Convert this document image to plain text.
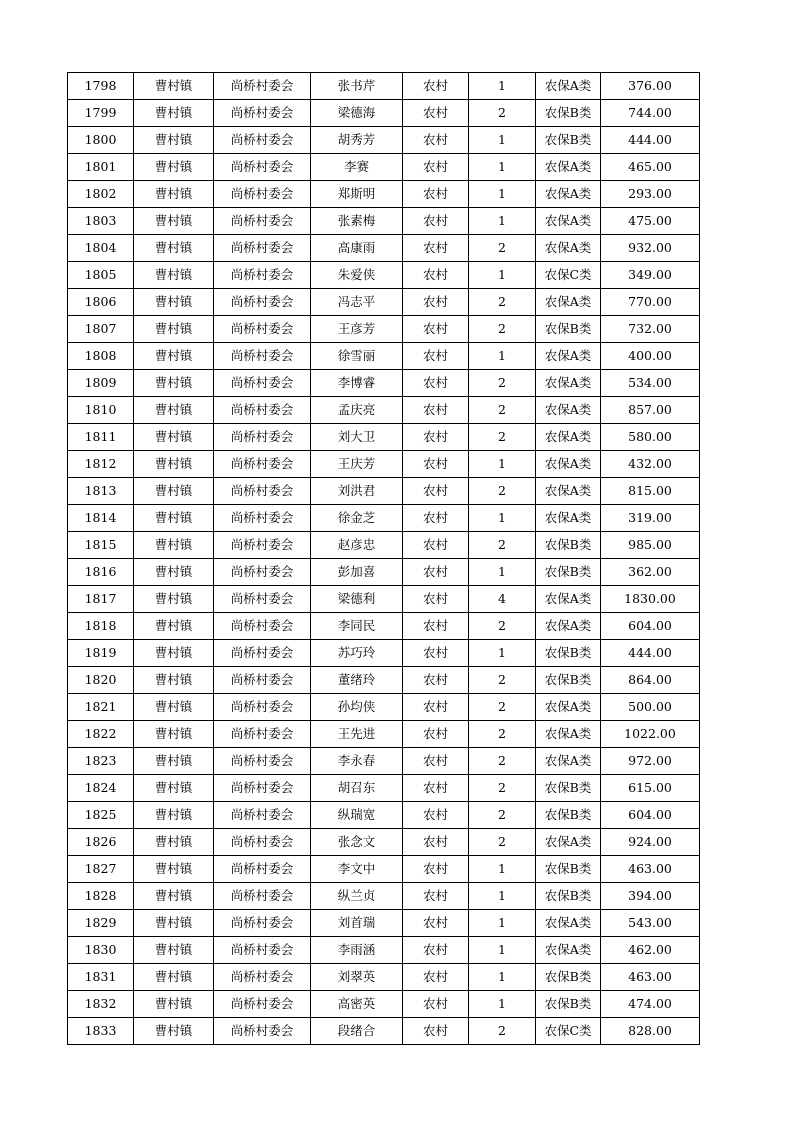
1798	曹村镇	尚桥村委会	张书芹	农村	1	农保A类	376.00
1799	曹村镇	尚桥村委会	梁德海	农村	2	农保B类	744.00
1800	曹村镇	尚桥村委会	胡秀芳	农村	1	农保B类	444.00
1801	曹村镇	尚桥村委会	李赛	农村	1	农保A类	465.00
1802	曹村镇	尚桥村委会	郑斯明	农村	1	农保A类	293.00
1803	曹村镇	尚桥村委会	张素梅	农村	1	农保A类	475.00
1804	曹村镇	尚桥村委会	高康雨	农村	2	农保A类	932.00
1805	曹村镇	尚桥村委会	朱爱侠	农村	1	农保C类	349.00
1806	曹村镇	尚桥村委会	冯志平	农村	2	农保A类	770.00
1807	曹村镇	尚桥村委会	王彦芳	农村	2	农保B类	732.00
1808	曹村镇	尚桥村委会	徐雪丽	农村	1	农保A类	400.00
1809	曹村镇	尚桥村委会	李博睿	农村	2	农保A类	534.00
1810	曹村镇	尚桥村委会	孟庆亮	农村	2	农保A类	857.00
1811	曹村镇	尚桥村委会	刘大卫	农村	2	农保A类	580.00
1812	曹村镇	尚桥村委会	王庆芳	农村	1	农保A类	432.00
1813	曹村镇	尚桥村委会	刘洪君	农村	2	农保A类	815.00
1814	曹村镇	尚桥村委会	徐金芝	农村	1	农保A类	319.00
1815	曹村镇	尚桥村委会	赵彦忠	农村	2	农保B类	985.00
1816	曹村镇	尚桥村委会	彭加喜	农村	1	农保B类	362.00
1817	曹村镇	尚桥村委会	梁德利	农村	4	农保A类	1830.00
1818	曹村镇	尚桥村委会	李同民	农村	2	农保A类	604.00
1819	曹村镇	尚桥村委会	苏巧玲	农村	1	农保B类	444.00
1820	曹村镇	尚桥村委会	董绪玲	农村	2	农保B类	864.00
1821	曹村镇	尚桥村委会	孙均侠	农村	2	农保A类	500.00
1822	曹村镇	尚桥村委会	王先进	农村	2	农保A类	1022.00
1823	曹村镇	尚桥村委会	李永春	农村	2	农保A类	972.00
1824	曹村镇	尚桥村委会	胡召东	农村	2	农保B类	615.00
1825	曹村镇	尚桥村委会	纵瑞宽	农村	2	农保B类	604.00
1826	曹村镇	尚桥村委会	张念文	农村	2	农保A类	924.00
1827	曹村镇	尚桥村委会	李文中	农村	1	农保B类	463.00
1828	曹村镇	尚桥村委会	纵兰贞	农村	1	农保B类	394.00
1829	曹村镇	尚桥村委会	刘首瑞	农村	1	农保A类	543.00
1830	曹村镇	尚桥村委会	李雨涵	农村	1	农保A类	462.00
1831	曹村镇	尚桥村委会	刘翠英	农村	1	农保B类	463.00
1832	曹村镇	尚桥村委会	高密英	农村	1	农保B类	474.00
1833	曹村镇	尚桥村委会	段绪合	农村	2	农保C类	828.00
